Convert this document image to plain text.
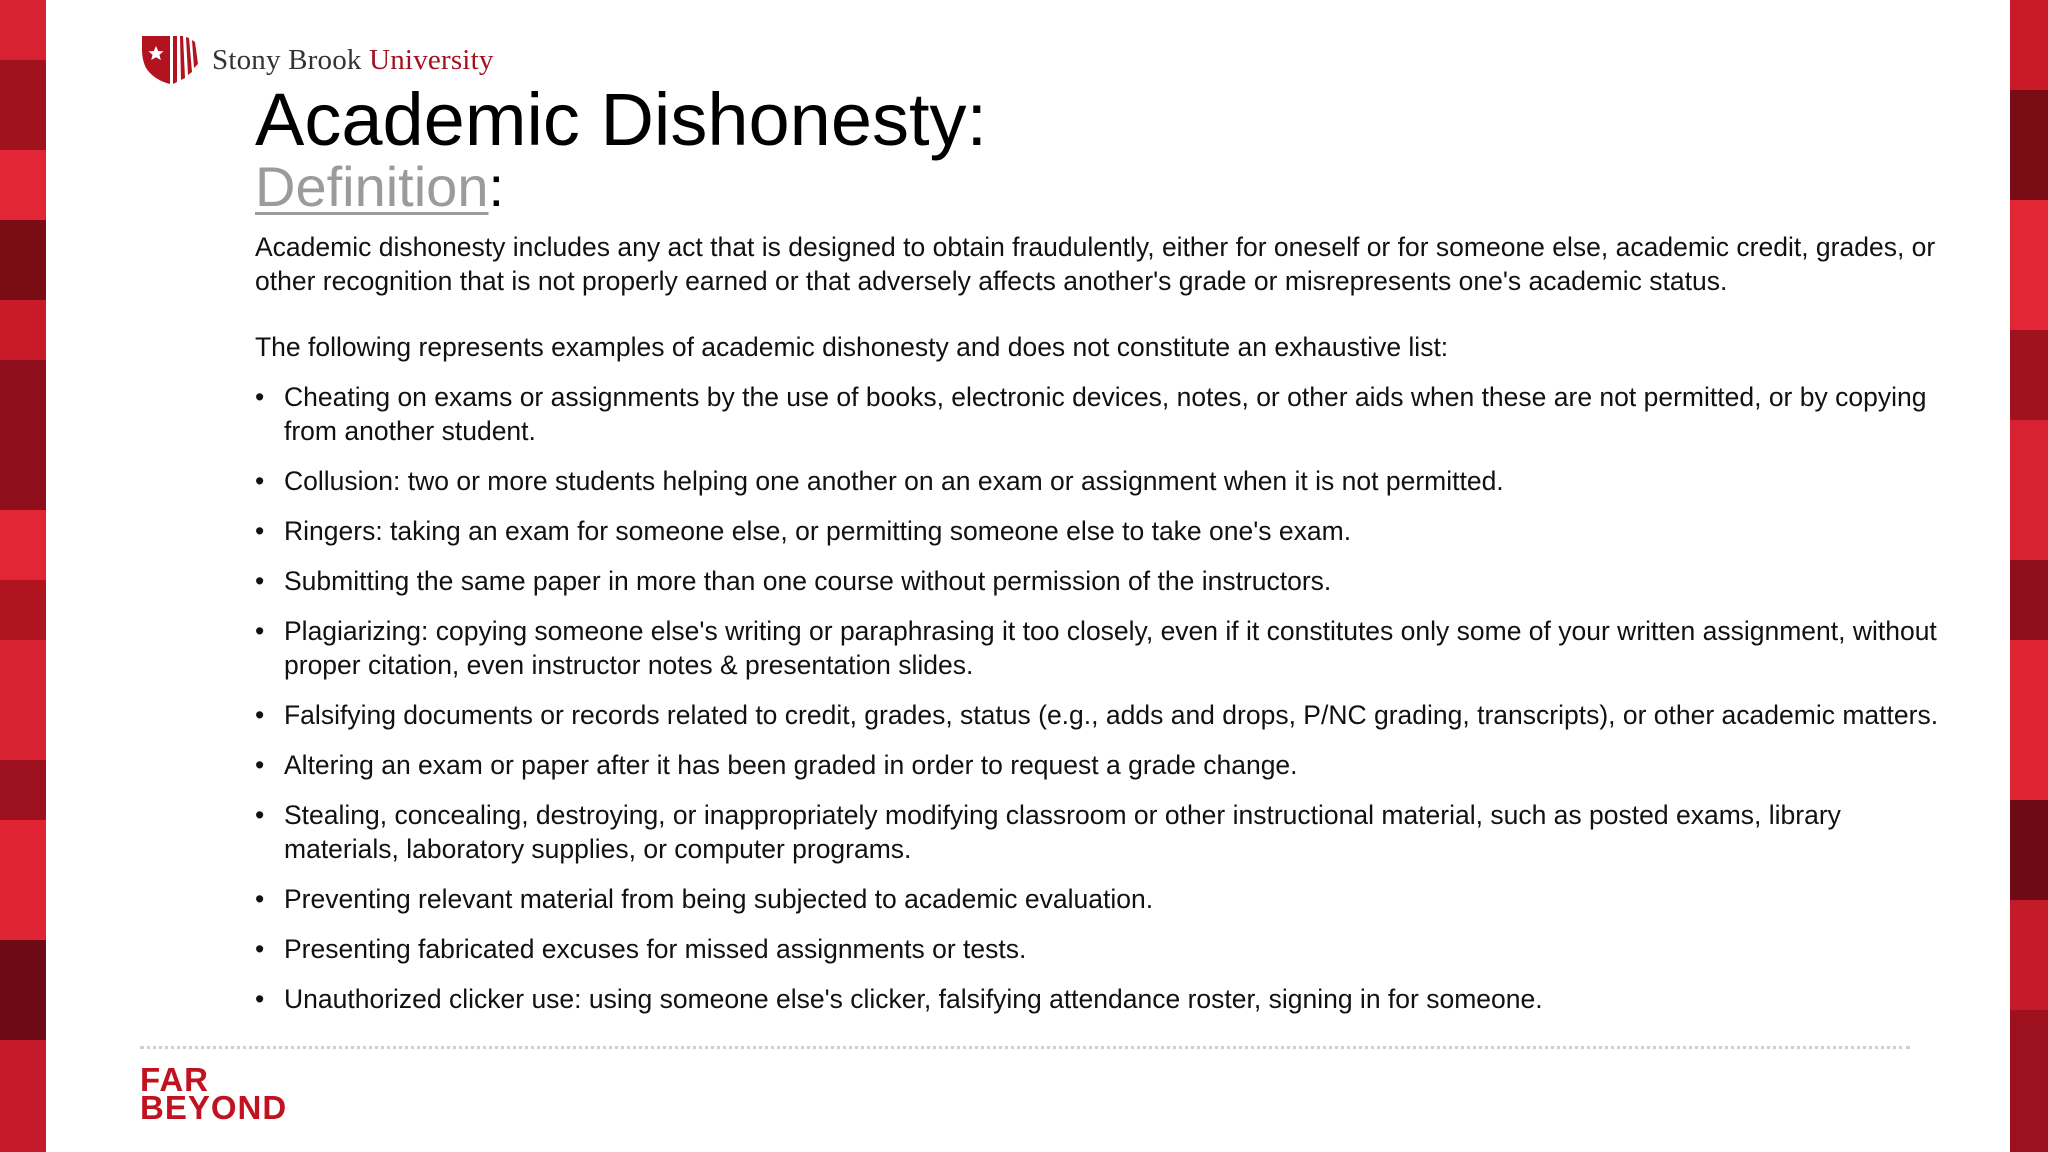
Stony Brook University
Academic Dishonesty:
Definition:

Academic dishonesty includes any act that is designed to obtain fraudulently, either for oneself or for someone else, academic credit, grades, or other recognition that is not properly earned or that adversely affects another's grade or misrepresents one's academic status.

The following represents examples of academic dishonesty and does not constitute an exhaustive list:

• Cheating on exams or assignments by the use of books, electronic devices, notes, or other aids when these are not permitted, or by copying from another student.
• Collusion: two or more students helping one another on an exam or assignment when it is not permitted.
• Ringers: taking an exam for someone else, or permitting someone else to take one's exam.
• Submitting the same paper in more than one course without permission of the instructors.
• Plagiarizing: copying someone else's writing or paraphrasing it too closely, even if it constitutes only some of your written assignment, without proper citation, even instructor notes & presentation slides.
• Falsifying documents or records related to credit, grades, status (e.g., adds and drops, P/NC grading, transcripts), or other academic matters.
• Altering an exam or paper after it has been graded in order to request a grade change.
• Stealing, concealing, destroying, or inappropriately modifying classroom or other instructional material, such as posted exams, library materials, laboratory supplies, or computer programs.
• Preventing relevant material from being subjected to academic evaluation.
• Presenting fabricated excuses for missed assignments or tests.
• Unauthorized clicker use: using someone else's clicker, falsifying attendance roster, signing in for someone.
FAR
BEYOND
